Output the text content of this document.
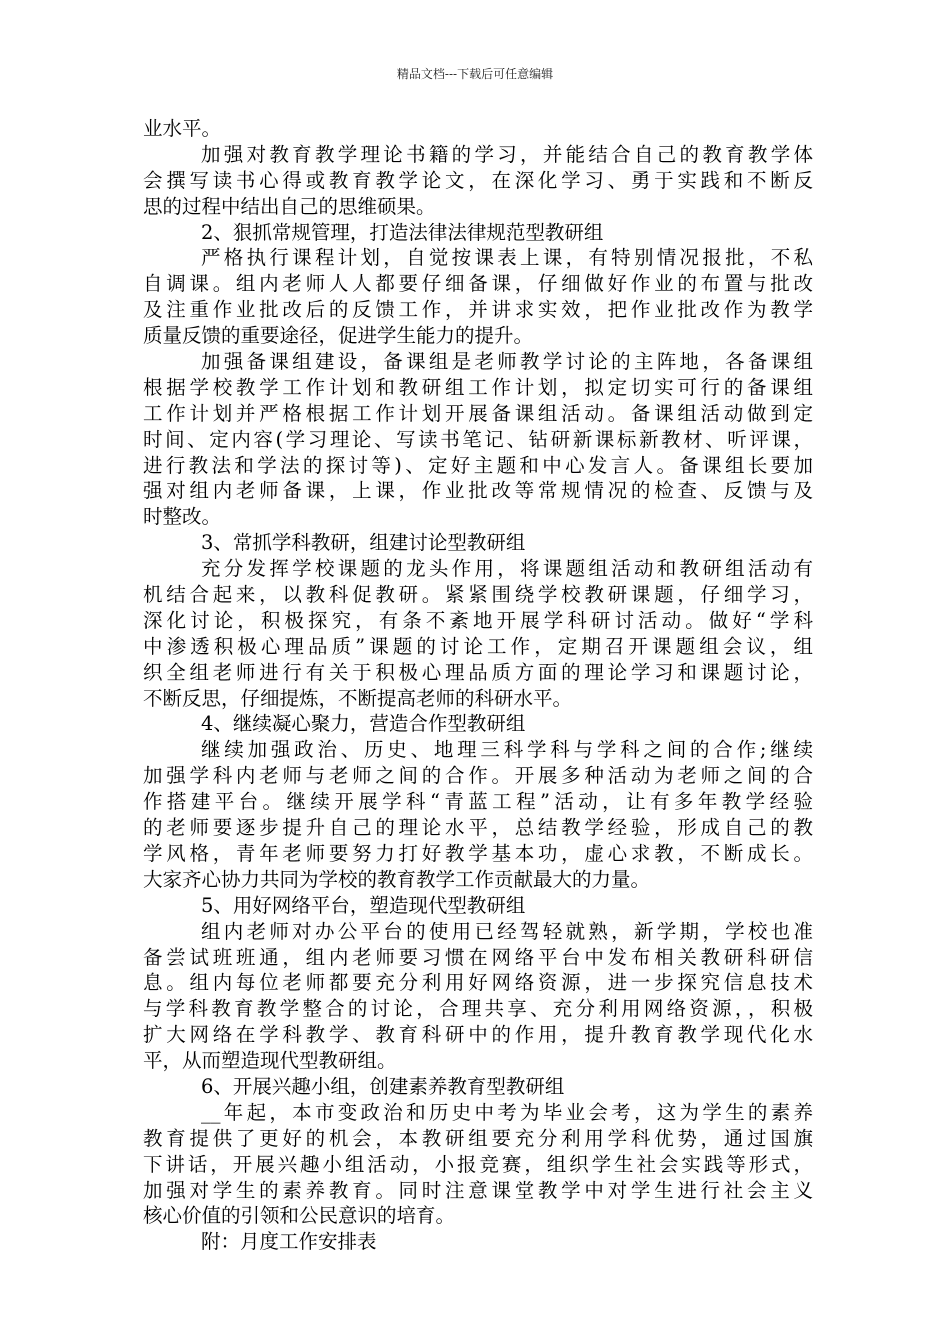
精品文档---下载后可任意编辑
业水平。
加强对教育教学理论书籍的学习，并能结合自己的教育教学体
会撰写读书心得或教育教学论文，在深化学习、勇于实践和不断反
思的过程中结出自己的思维硕果。
2、狠抓常规管理，打造法律法律规范型教研组
严格执行课程计划，自觉按课表上课，有特别情况报批，不私
自调课。组内老师人人都要仔细备课，仔细做好作业的布置与批改
及注重作业批改后的反馈工作，并讲求实效，把作业批改作为教学
质量反馈的重要途径，促进学生能力的提升。
加强备课组建设，备课组是老师教学讨论的主阵地，各备课组
根据学校教学工作计划和教研组工作计划，拟定切实可行的备课组
工作计划并严格根据工作计划开展备课组活动。备课组活动做到定
时间、定内容(学习理论、写读书笔记、钻研新课标新教材、听评课，
进行教法和学法的探讨等)、定好主题和中心发言人。备课组长要加
强对组内老师备课，上课，作业批改等常规情况的检查、反馈与及
时整改。
3、常抓学科教研，组建讨论型教研组
充分发挥学校课题的龙头作用，将课题组活动和教研组活动有
机结合起来，以教科促教研。紧紧围绕学校教研课题，仔细学习，
深化讨论，积极探究，有条不紊地开展学科研讨活动。做好“学科
中渗透积极心理品质”课题的讨论工作，定期召开课题组会议，组
织全组老师进行有关于积极心理品质方面的理论学习和课题讨论，
不断反思，仔细提炼，不断提高老师的科研水平。
4、继续凝心聚力，营造合作型教研组
继续加强政治、历史、地理三科学科与学科之间的合作;继续
加强学科内老师与老师之间的合作。开展多种活动为老师之间的合
作搭建平台。继续开展学科“青蓝工程”活动，让有多年教学经验
的老师要逐步提升自己的理论水平，总结教学经验，形成自己的教
学风格，青年老师要努力打好教学基本功，虚心求教，不断成长。
大家齐心协力共同为学校的教育教学工作贡献最大的力量。
5、用好网络平台，塑造现代型教研组
组内老师对办公平台的使用已经驾轻就熟，新学期，学校也准
备尝试班班通，组内老师要习惯在网络平台中发布相关教研科研信
息。组内每位老师都要充分利用好网络资源，进一步探究信息技术
与学科教育教学整合的讨论，合理共享、充分利用网络资源，，积极
扩大网络在学科教学、教育科研中的作用，提升教育教学现代化水
平，从而塑造现代型教研组。
6、开展兴趣小组，创建素养教育型教研组
__年起，本市变政治和历史中考为毕业会考，这为学生的素养
教育提供了更好的机会，本教研组要充分利用学科优势，通过国旗
下讲话，开展兴趣小组活动，小报竞赛，组织学生社会实践等形式，
加强对学生的素养教育。同时注意课堂教学中对学生进行社会主义
核心价值的引领和公民意识的培育。
附：月度工作安排表
